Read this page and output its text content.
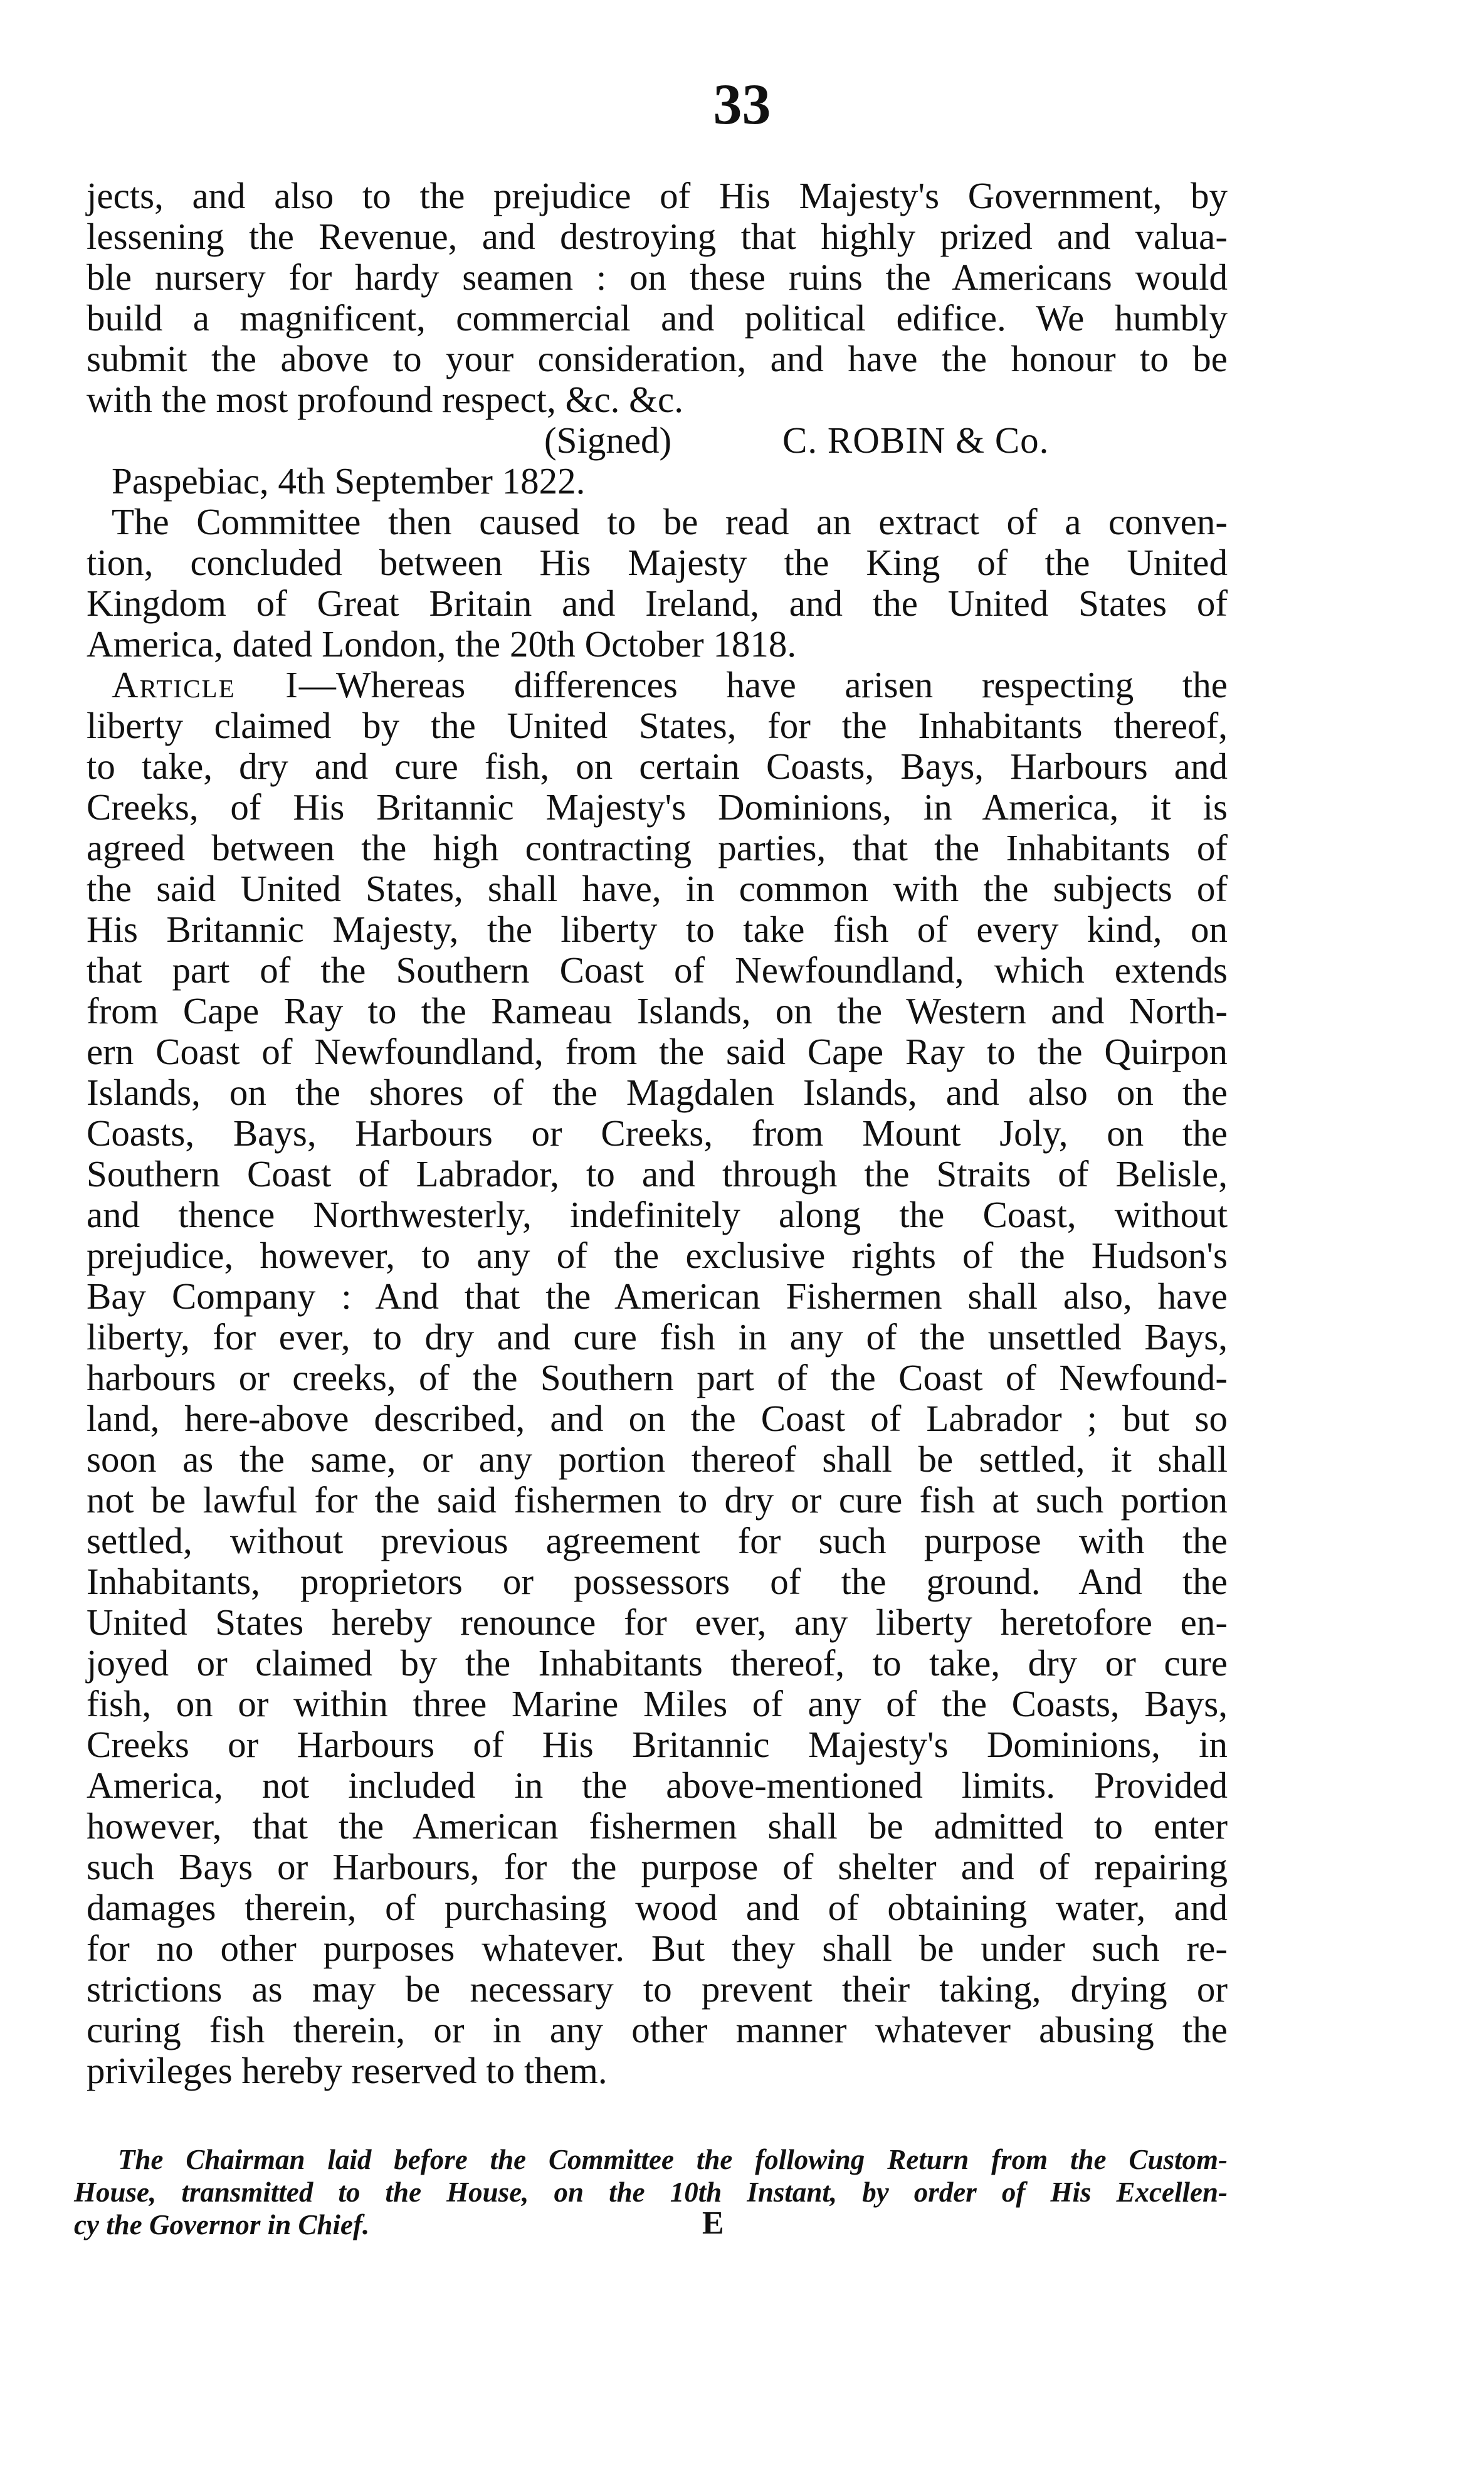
33
jects, and also to the prejudice of His Majesty's Government, by
lessening the Revenue, and destroying that highly prized and valua-
ble nursery for hardy seamen : on these ruins the Americans would
build a magnificent, commercial and political edifice. We humbly
submit the above to your consideration, and have the honour to be
with the most profound respect, &c. &c.
(Signed)	C. ROBIN & Co.
Paspebiac, 4th September 1822.
The Committee then caused to be read an extract of a conven-
tion, concluded between His Majesty the King of the United
Kingdom of Great Britain and Ireland, and the United States of
America, dated London, the 20th October 1818.
Article I—Whereas differences have arisen respecting the
liberty claimed by the United States, for the Inhabitants thereof,
to take, dry and cure fish, on certain Coasts, Bays, Harbours and
Creeks, of His Britannic Majesty's Dominions, in America, it is
agreed between the high contracting parties, that the Inhabitants of
the said United States, shall have, in common with the subjects of
His Britannic Majesty, the liberty to take fish of every kind, on
that part of the Southern Coast of Newfoundland, which extends
from Cape Ray to the Rameau Islands, on the Western and North-
ern Coast of Newfoundland, from the said Cape Ray to the Quirpon
Islands, on the shores of the Magdalen Islands, and also on the
Coasts, Bays, Harbours or Creeks, from Mount Joly, on the
Southern Coast of Labrador, to and through the Straits of Belisle,
and thence Northwesterly, indefinitely along the Coast, without
prejudice, however, to any of the exclusive rights of the Hudson's
Bay Company : And that the American Fishermen shall also, have
liberty, for ever, to dry and cure fish in any of the unsettled Bays,
harbours or creeks, of the Southern part of the Coast of Newfound-
land, here-above described, and on the Coast of Labrador ; but so
soon as the same, or any portion thereof shall be settled, it shall
not be lawful for the said fishermen to dry or cure fish at such portion
settled, without previous agreement for such purpose with the
Inhabitants, proprietors or possessors of the ground. And the
United States hereby renounce for ever, any liberty heretofore en-
joyed or claimed by the Inhabitants thereof, to take, dry or cure
fish, on or within three Marine Miles of any of the Coasts, Bays,
Creeks or Harbours of His Britannic Majesty's Dominions, in
America, not included in the above-mentioned limits. Provided
however, that the American fishermen shall be admitted to enter
such Bays or Harbours, for the purpose of shelter and of repairing
damages therein, of purchasing wood and of obtaining water, and
for no other purposes whatever. But they shall be under such re-
strictions as may be necessary to prevent their taking, drying or
curing fish therein, or in any other manner whatever abusing the
privileges hereby reserved to them.
The Chairman laid before the Committee the following Return from the Custom-
House, transmitted to the House, on the 10th Instant, by order of His Excellen-
cy the Governor in Chief.	E
